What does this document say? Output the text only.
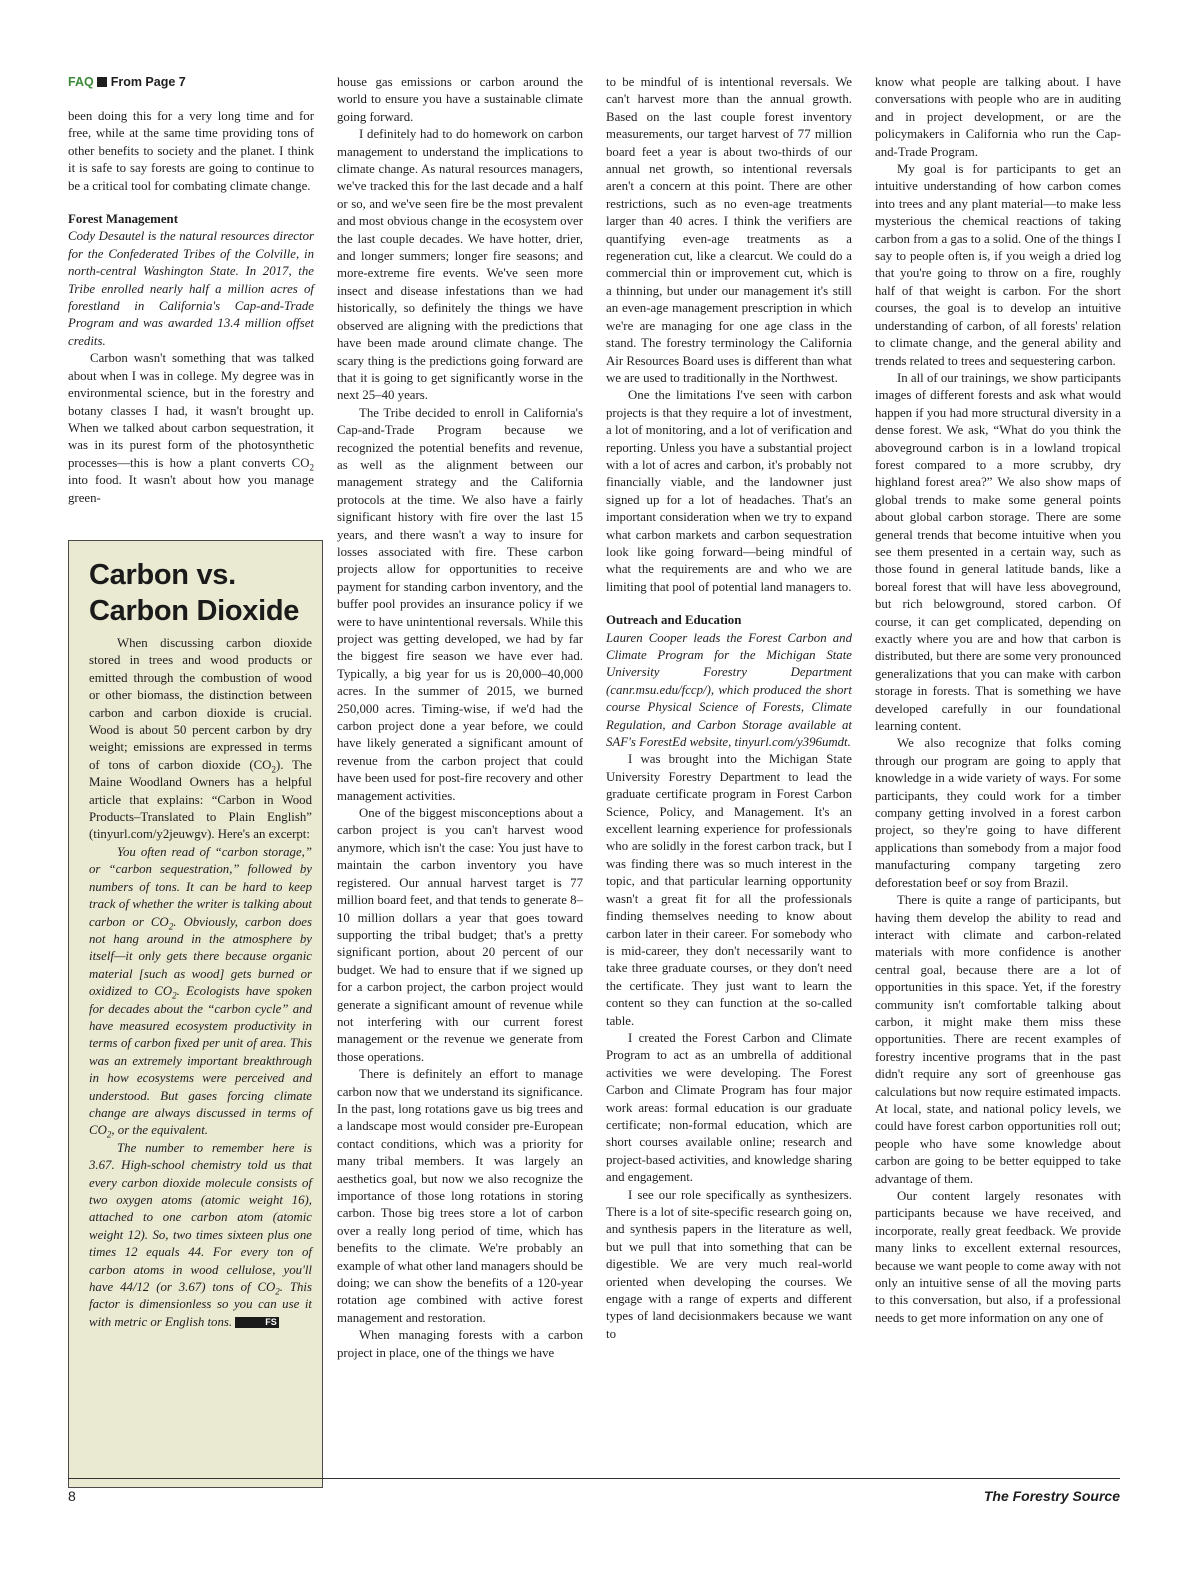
FAQ From Page 7

been doing this for a very long time and for free, while at the same time providing tons of other benefits to society and the planet. I think it is safe to say forests are going to continue to be a critical tool for combating climate change.

Forest Management

Cody Desautel is the natural resources director for the Confederated Tribes of the Colville, in north-central Washington State. In 2017, the Tribe enrolled nearly half a million acres of forestland in California's Cap-and-Trade Program and was awarded 13.4 million offset credits.

Carbon wasn't something that was talked about when I was in college. My degree was in environmental science, but in the forestry and botany classes I had, it wasn't brought up. When we talked about carbon sequestration, it was in its purest form of the photosynthetic processes—this is how a plant converts $CO_2$ into food. It wasn't about how you manage green-

Carbon vs. Carbon Dioxide

When discussing carbon dioxide stored in trees and wood products or emitted through the combustion of wood or other biomass, the distinction between carbon and carbon dioxide is crucial. Wood is about 50 percent carbon by dry weight; emissions are expressed in terms of tons of carbon dioxide $(CO_2)$. The Maine Woodland Owners has a helpful article that explains: “Carbon in Wood Products–Translated to Plain English” (tinyurl.com/y2jeuwgv). Here's an excerpt:

You often read of “carbon storage,” or “carbon sequestration,” followed by numbers of tons. It can be hard to keep track of whether the writer is talking about carbon or $CO_2$. Obviously, carbon does not hang around in the atmosphere by itself—it only gets there because organic material [such as wood] gets burned or oxidized to $CO_2$. Ecologists have spoken for decades about the “carbon cycle” and have measured ecosystem productivity in terms of carbon fixed per unit of area. This was an extremely important breakthrough in how ecosystems were perceived and understood. But gases forcing climate change are always discussed in terms of $CO_2$, or the equivalent.

The number to remember here is 3.67. High-school chemistry told us that every carbon dioxide molecule consists of two oxygen atoms (atomic weight 16), attached to one carbon atom (atomic weight 12). So, two times sixteen plus one times 12 equals 44. For every ton of carbon atoms in wood cellulose, you'll have 44/12 (or 3.67) tons of $CO_2$. This factor is dimensionless so you can use it with metric or English tons.	FS

house gas emissions or carbon around the world to ensure you have a sustainable climate going forward.

I definitely had to do homework on carbon management to understand the implications to climate change. As natural resources managers, we've tracked this for the last decade and a half or so, and we've seen fire be the most prevalent and most obvious change in the ecosystem over the last couple decades. We have hotter, drier, and longer summers; longer fire seasons; and more-extreme fire events. We've seen more insect and disease infestations than we had historically, so definitely the things we have observed are aligning with the predictions that have been made around climate change. The scary thing is the predictions going forward are that it is going to get significantly worse in the next 25–40 years.

The Tribe decided to enroll in California's Cap-and-Trade Program because we recognized the potential benefits and revenue, as well as the alignment between our management strategy and the California protocols at the time. We also have a fairly significant history with fire over the last 15 years, and there wasn't a way to insure for losses associated with fire. These carbon projects allow for opportunities to receive payment for standing carbon inventory, and the buffer pool provides an insurance policy if we were to have unintentional reversals. While this project was getting developed, we had by far the biggest fire season we have ever had. Typically, a big year for us is 20,000–40,000 acres. In the summer of 2015, we burned 250,000 acres. Timing-wise, if we'd had the carbon project done a year before, we could have likely generated a significant amount of revenue from the carbon project that could have been used for post-fire recovery and other management activities.

One of the biggest misconceptions about a carbon project is you can't harvest wood anymore, which isn't the case: You just have to maintain the carbon inventory you have registered. Our annual harvest target is 77 million board feet, and that tends to generate 8–10 million dollars a year that goes toward supporting the tribal budget; that's a pretty significant portion, about 20 percent of our budget. We had to ensure that if we signed up for a carbon project, the carbon project would generate a significant amount of revenue while not interfering with our current forest management or the revenue we generate from those operations.

There is definitely an effort to manage carbon now that we understand its significance. In the past, long rotations gave us big trees and a landscape most would consider pre-European contact conditions, which was a priority for many tribal members. It was largely an aesthetics goal, but now we also recognize the importance of those long rotations in storing carbon. Those big trees store a lot of carbon over a really long period of time, which has benefits to the climate. We're probably an example of what other land managers should be doing; we can show the benefits of a 120-year rotation age combined with active forest management and restoration.

When managing forests with a carbon project in place, one of the things we have

to be mindful of is intentional reversals. We can't harvest more than the annual growth. Based on the last couple forest inventory measurements, our target harvest of 77 million board feet a year is about two-thirds of our annual net growth, so intentional reversals aren't a concern at this point. There are other restrictions, such as no even-age treatments larger than 40 acres. I think the verifiers are quantifying even-age treatments as a regeneration cut, like a clearcut. We could do a commercial thin or improvement cut, which is a thinning, but under our management it's still an even-age management prescription in which we're are managing for one age class in the stand. The forestry terminology the California Air Resources Board uses is different than what we are used to traditionally in the Northwest.

One the limitations I've seen with carbon projects is that they require a lot of investment, a lot of monitoring, and a lot of verification and reporting. Unless you have a substantial project with a lot of acres and carbon, it's probably not financially viable, and the landowner just signed up for a lot of headaches. That's an important consideration when we try to expand what carbon markets and carbon sequestration look like going forward—being mindful of what the requirements are and who we are limiting that pool of potential land managers to.

Outreach and Education

Lauren Cooper leads the Forest Carbon and Climate Program for the Michigan State University Forestry Department (canr.msu.edu/fccp/), which produced the short course Physical Science of Forests, Climate Regulation, and Carbon Storage available at SAF's ForestEd website, tinyurl.com/y396umdt.

I was brought into the Michigan State University Forestry Department to lead the graduate certificate program in Forest Carbon Science, Policy, and Management. It's an excellent learning experience for professionals who are solidly in the forest carbon track, but I was finding there was so much interest in the topic, and that particular learning opportunity wasn't a great fit for all the professionals finding themselves needing to know about carbon later in their career. For somebody who is mid-career, they don't necessarily want to take three graduate courses, or they don't need the certificate. They just want to learn the content so they can function at the so-called table.

I created the Forest Carbon and Climate Program to act as an umbrella of additional activities we were developing. The Forest Carbon and Climate Program has four major work areas: formal education is our graduate certificate; non-formal education, which are short courses available online; research and project-based activities, and knowledge sharing and engagement.

I see our role specifically as synthesizers. There is a lot of site-specific research going on, and synthesis papers in the literature as well, but we pull that into something that can be digestible. We are very much real-world oriented when developing the courses. We engage with a range of experts and different types of land decisionmakers because we want to

know what people are talking about. I have conversations with people who are in auditing and in project development, or are the policymakers in California who run the Cap-and-Trade Program.

My goal is for participants to get an intuitive understanding of how carbon comes into trees and any plant material—to make less mysterious the chemical reactions of taking carbon from a gas to a solid. One of the things I say to people often is, if you weigh a dried log that you're going to throw on a fire, roughly half of that weight is carbon. For the short courses, the goal is to develop an intuitive understanding of carbon, of all forests' relation to climate change, and the general ability and trends related to trees and sequestering carbon.

In all of our trainings, we show participants images of different forests and ask what would happen if you had more structural diversity in a dense forest. We ask, “What do you think the aboveground carbon is in a lowland tropical forest compared to a more scrubby, dry highland forest area?” We also show maps of global trends to make some general points about global carbon storage. There are some general trends that become intuitive when you see them presented in a certain way, such as those found in general latitude bands, like a boreal forest that will have less aboveground, but rich belowground, stored carbon. Of course, it can get complicated, depending on exactly where you are and how that carbon is distributed, but there are some very pronounced generalizations that you can make with carbon storage in forests. That is something we have developed carefully in our foundational learning content.

We also recognize that folks coming through our program are going to apply that knowledge in a wide variety of ways. For some participants, they could work for a timber company getting involved in a forest carbon project, so they're going to have different applications than somebody from a major food manufacturing company targeting zero deforestation beef or soy from Brazil.

There is quite a range of participants, but having them develop the ability to read and interact with climate and carbon-related materials with more confidence is another central goal, because there are a lot of opportunities in this space. Yet, if the forestry community isn't comfortable talking about carbon, it might make them miss these opportunities. There are recent examples of forestry incentive programs that in the past didn't require any sort of greenhouse gas calculations but now require estimated impacts. At local, state, and national policy levels, we could have forest carbon opportunities roll out; people who have some knowledge about carbon are going to be better equipped to take advantage of them.

Our content largely resonates with participants because we have received, and incorporate, really great feedback. We provide many links to excellent external resources, because we want people to come away with not only an intuitive sense of all the moving parts to this conversation, but also, if a professional needs to get more information on any one of

8	The Forestry Source
